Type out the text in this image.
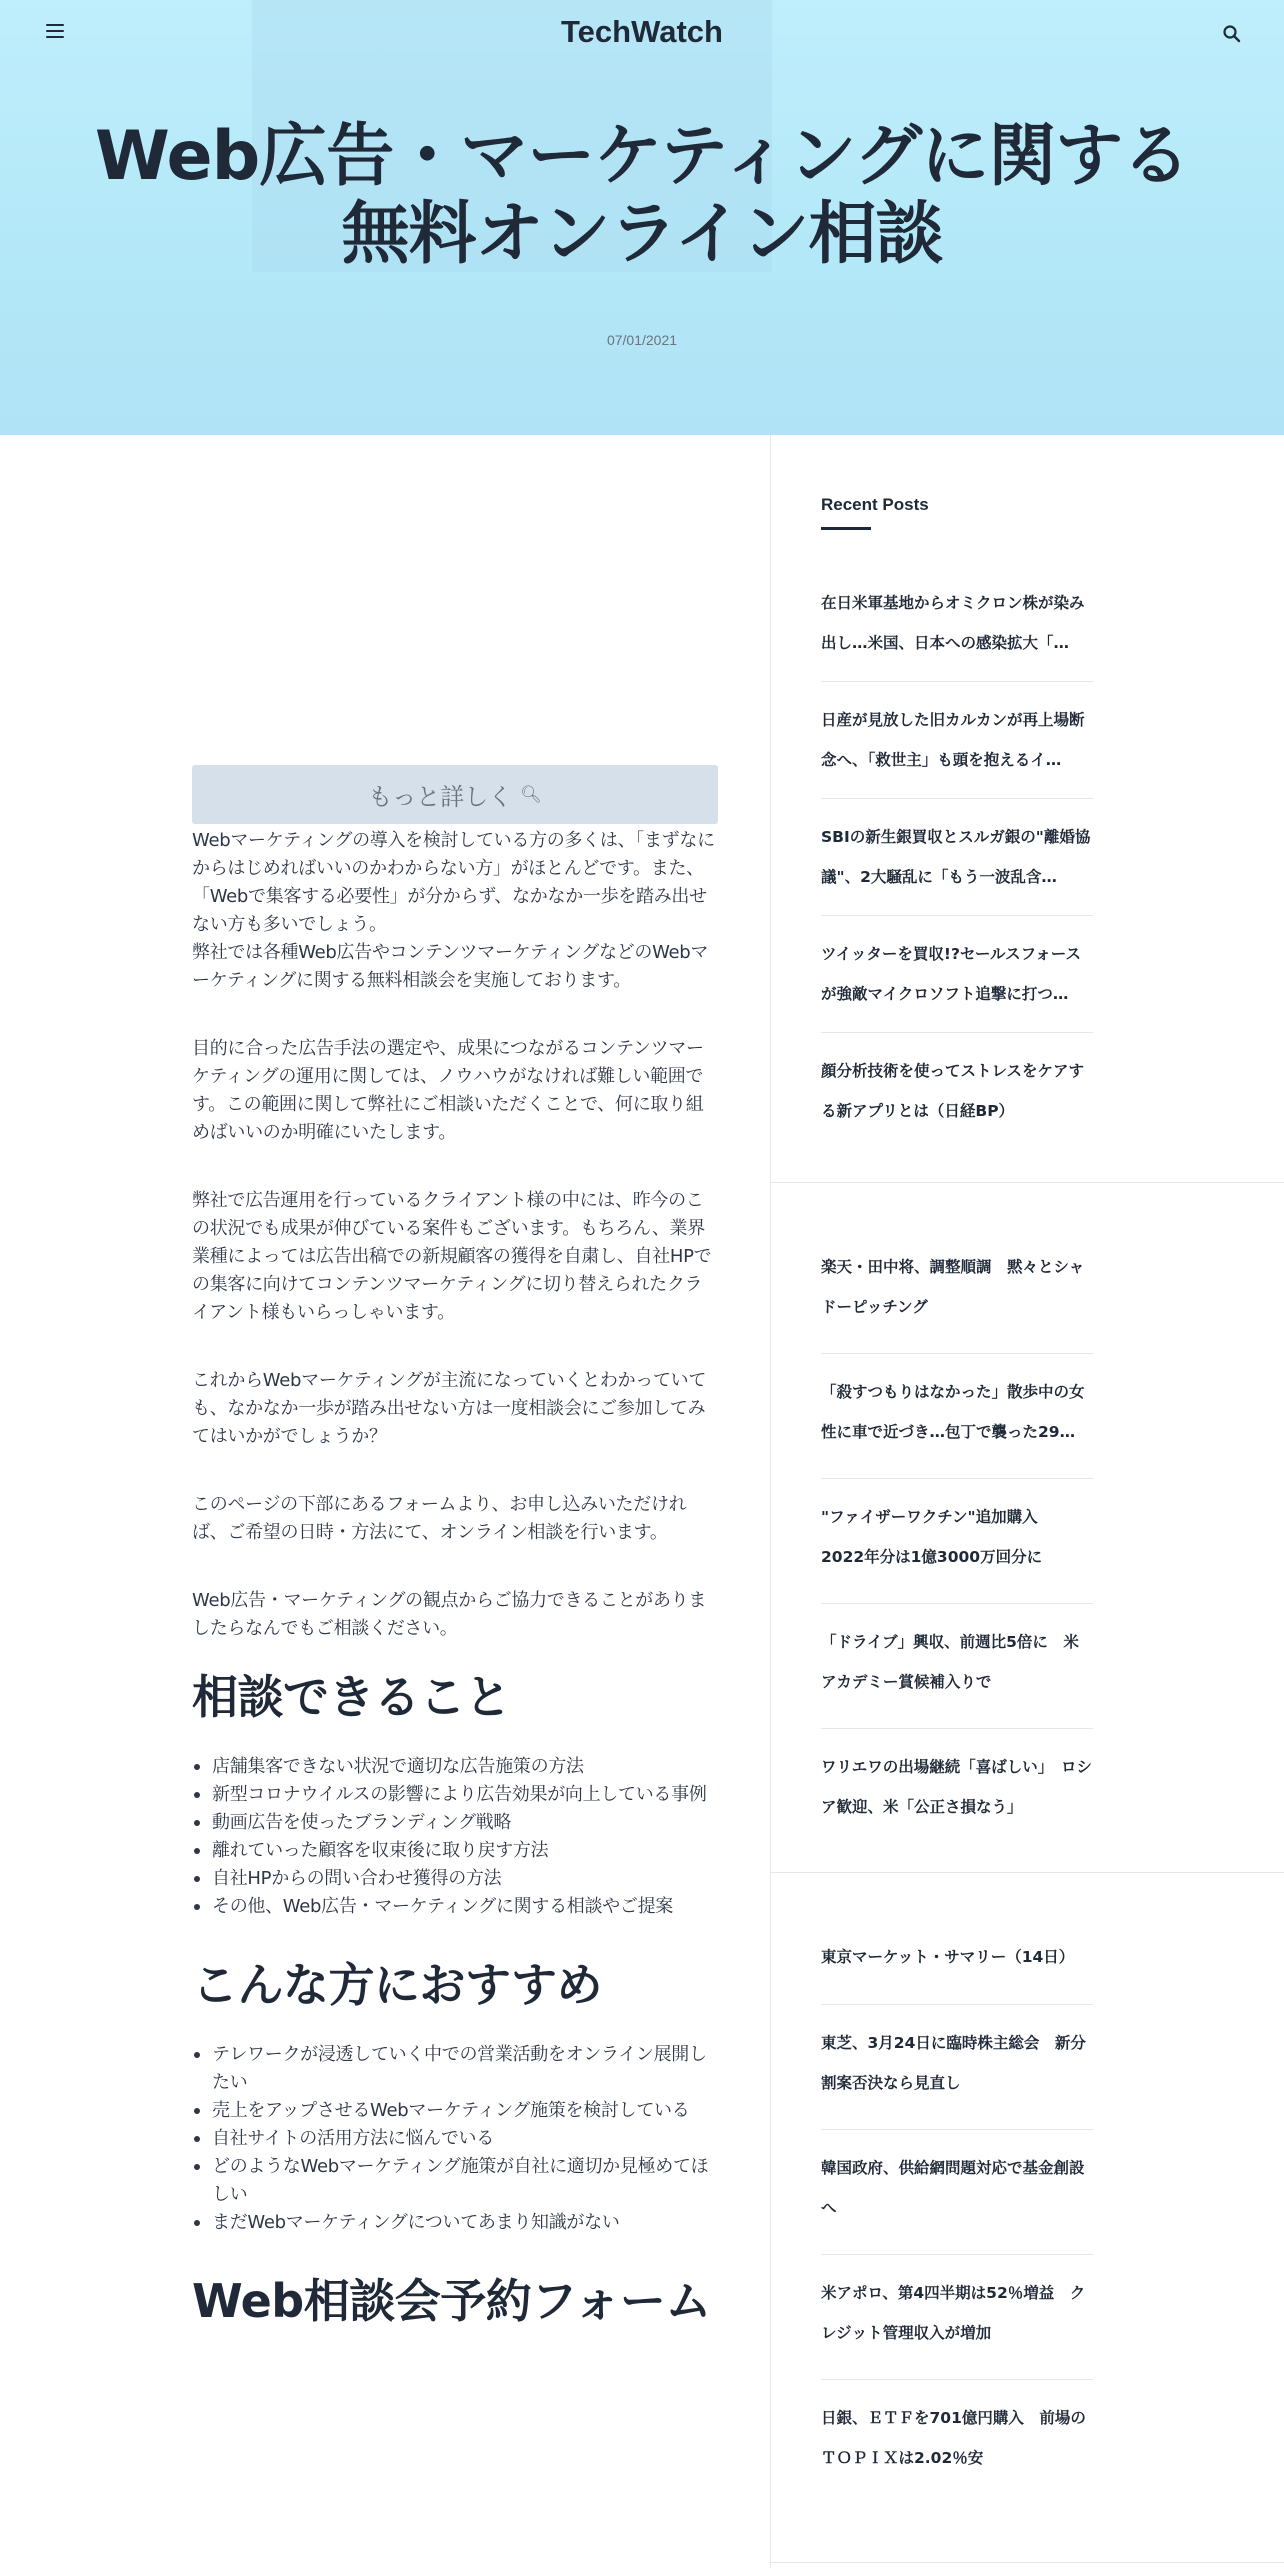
TechWatch
Web広告・マーケティングに関する無料オンライン相談
07/01/2021
もっと詳しく 🔍︎

Webマーケティングの導入を検討している方の多くは、「まずなにからはじめればいいのかわからない方」がほとんどです。また、「Webで集客する必要性」が分からず、なかなか一歩を踏み出せない方も多いでしょう。
弊社では各種Web広告やコンテンツマーケティングなどのWebマーケティングに関する無料相談会を実施しております。

目的に合った広告手法の選定や、成果につながるコンテンツマーケティングの運用に関しては、ノウハウがなければ難しい範囲です。この範囲に関して弊社にご相談いただくことで、何に取り組めばいいのか明確にいたします。

弊社で広告運用を行っているクライアント様の中には、昨今のこの状況でも成果が伸びている案件もございます。もちろん、業界業種によっては広告出稿での新規顧客の獲得を自粛し、自社HPでの集客に向けてコンテンツマーケティングに切り替えられたクライアント様もいらっしゃいます。

これからWebマーケティングが主流になっていくとわかっていても、なかなか一歩が踏み出せない方は一度相談会にご参加してみてはいかがでしょうか？

このページの下部にあるフォームより、お申し込みいただければ、ご希望の日時・方法にて、オンライン相談を行います。

Web広告・マーケティングの観点からご協力できることがありましたらなんでもご相談ください。

相談できること
店舗集客できない状況で適切な広告施策の方法
新型コロナウイルスの影響により広告効果が向上している事例
動画広告を使ったブランディング戦略
離れていった顧客を収束後に取り戻す方法
自社HPからの問い合わせ獲得の方法
その他、Web広告・マーケティングに関する相談やご提案
こんな方におすすめ
テレワークが浸透していく中での営業活動をオンライン展開したい
売上をアップさせるWebマーケティング施策を検討している
自社サイトの活用方法に悩んでいる
どのようなWebマーケティング施策が自社に適切か見極めてほしい
まだWebマーケティングについてあまり知識がない
Web相談会予約フォーム
Recent Posts
在日米軍基地からオミクロン株が染み出し…米国、日本への感染拡大「…
日産が見放した旧カルカンが再上場断念へ、「救世主」も頭を抱えるイ…
SBIの新生銀買収とスルガ銀の"離婚協議"、2大騒乱に「もう一波乱含…
ツイッターを買収!?セールスフォースが強敵マイクロソフト追撃に打つ…
顔分析技術を使ってストレスをケアする新アプリとは（日経BP）
楽天・田中将、調整順調　黙々とシャドーピッチング
「殺すつもりはなかった」散歩中の女性に車で近づき…包丁で襲った29…
"ファイザーワクチン"追加購入　2022年分は1億3000万回分に
「ドライブ」興収、前週比5倍に　米アカデミー賞候補入りで
ワリエワの出場継続「喜ばしい」　ロシア歓迎、米「公正さ損なう」
東京マーケット・サマリー（14日）
東芝、3月24日に臨時株主総会　新分割案否決なら見直し
韓国政府、供給網問題対応で基金創設へ
米アポロ、第4四半期は52％増益　クレジット管理収入が増加
日銀、ＥＴＦを701億円購入　前場のＴＯＰＩＸは2.02％安
